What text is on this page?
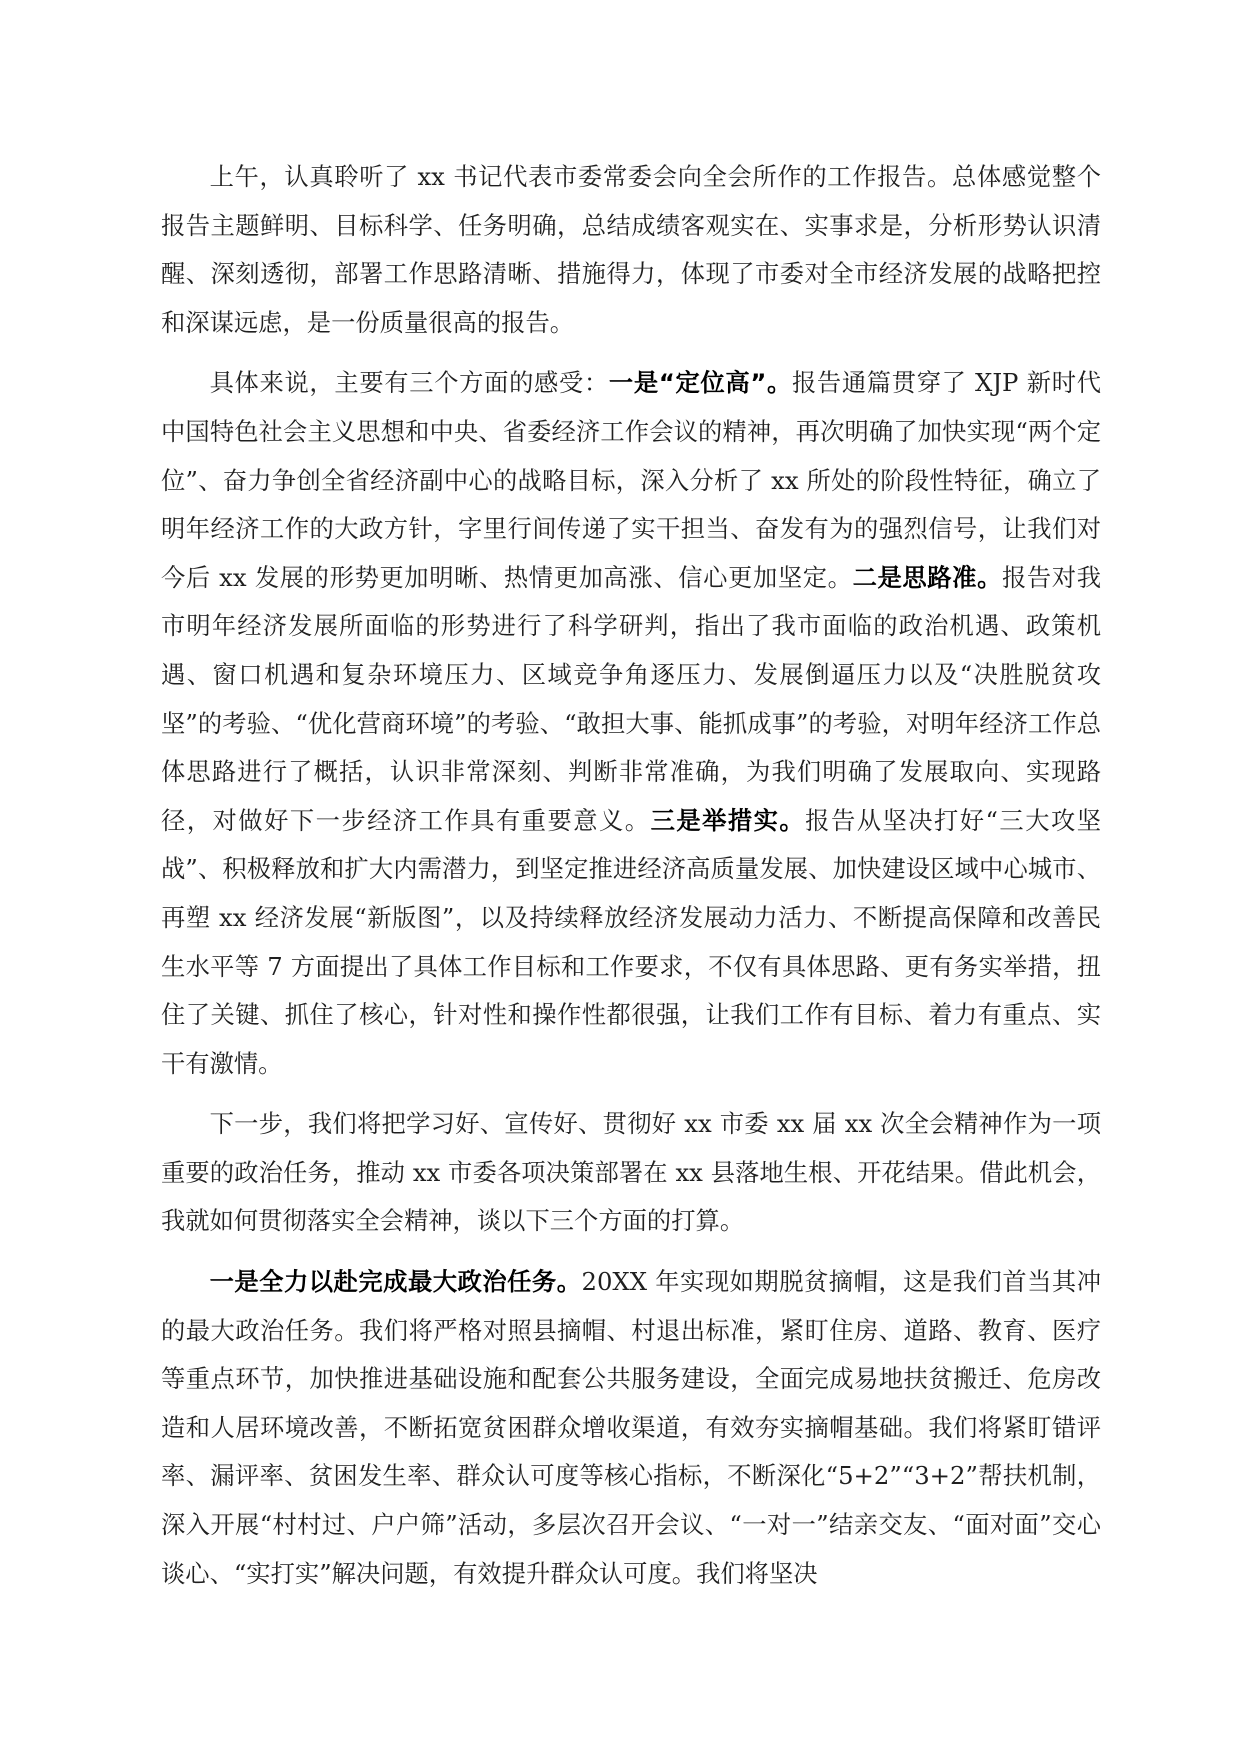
上午，认真聆听了 xx 书记代表市委常委会向全会所作的工作报告。总体感觉整个报告主题鲜明、目标科学、任务明确，总结成绩客观实在、实事求是，分析形势认识清醒、深刻透彻，部署工作思路清晰、措施得力，体现了市委对全市经济发展的战略把控和深谋远虑，是一份质量很高的报告。

具体来说，主要有三个方面的感受：一是“定位高”。报告通篇贯穿了 XJP 新时代中国特色社会主义思想和中央、省委经济工作会议的精神，再次明确了加快实现“两个定位”、奋力争创全省经济副中心的战略目标，深入分析了 xx 所处的阶段性特征，确立了明年经济工作的大政方针，字里行间传递了实干担当、奋发有为的强烈信号，让我们对今后 xx 发展的形势更加明晰、热情更加高涨、信心更加坚定。二是思路准。报告对我市明年经济发展所面临的形势进行了科学研判，指出了我市面临的政治机遇、政策机遇、窗口机遇和复杂环境压力、区域竞争角逐压力、发展倒逼压力以及“决胜脱贫攻坚”的考验、“优化营商环境”的考验、“敢担大事、能抓成事”的考验，对明年经济工作总体思路进行了概括，认识非常深刻、判断非常准确，为我们明确了发展取向、实现路径，对做好下一步经济工作具有重要意义。三是举措实。报告从坚决打好“三大攻坚战”、积极释放和扩大内需潜力，到坚定推进经济高质量发展、加快建设区域中心城市、再塑 xx 经济发展“新版图”，以及持续释放经济发展动力活力、不断提高保障和改善民生水平等 7 方面提出了具体工作目标和工作要求，不仅有具体思路、更有务实举措，扭住了关键、抓住了核心，针对性和操作性都很强，让我们工作有目标、着力有重点、实干有激情。

下一步，我们将把学习好、宣传好、贯彻好 xx 市委 xx 届 xx 次全会精神作为一项重要的政治任务，推动 xx 市委各项决策部署在 xx 县落地生根、开花结果。借此机会，我就如何贯彻落实全会精神，谈以下三个方面的打算。

一是全力以赴完成最大政治任务。20XX 年实现如期脱贫摘帽，这是我们首当其冲的最大政治任务。我们将严格对照县摘帽、村退出标准，紧盯住房、道路、教育、医疗等重点环节，加快推进基础设施和配套公共服务建设，全面完成易地扶贫搬迁、危房改造和人居环境改善，不断拓宽贫困群众增收渠道，有效夯实摘帽基础。我们将紧盯错评率、漏评率、贫困发生率、群众认可度等核心指标，不断深化“5+2”“3+2”帮扶机制，深入开展“村村过、户户筛”活动，多层次召开会议、“一对一”结亲交友、“面对面”交心谈心、“实打实”解决问题，有效提升群众认可度。我们将坚决
